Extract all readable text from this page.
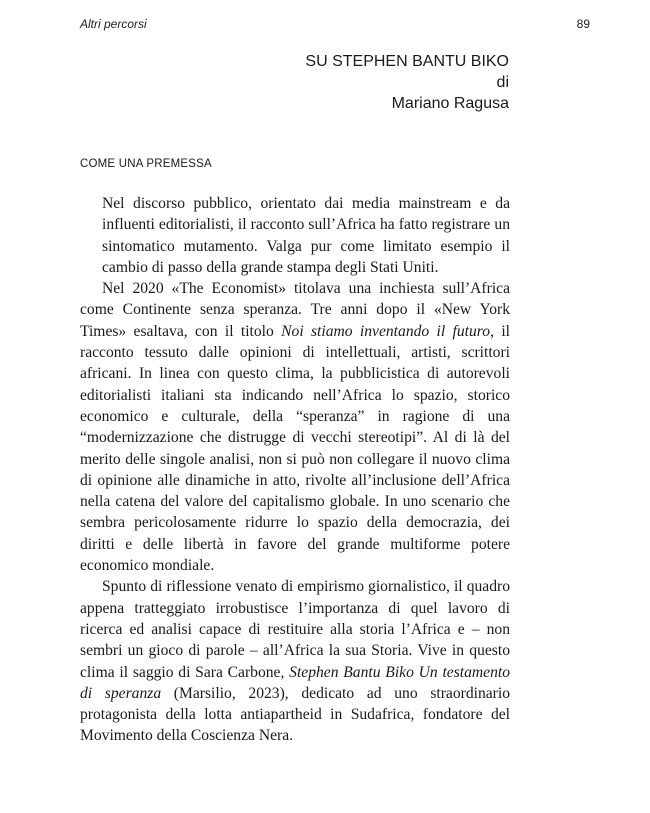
Altri percorsi	89
SU STEPHEN BANTU BIKO
di
Mariano Ragusa
COME UNA PREMESSA

Nel discorso pubblico, orientato dai media mainstream e da influenti editorialisti, il racconto sull’Africa ha fatto registrare un sintomatico mutamento. Valga pur come limitato esempio il cambio di passo della grande stampa degli Stati Uniti.

Nel 2020 «The Economist» titolava una inchiesta sull’Africa come Continente senza speranza. Tre anni dopo il «New York Times» esaltava, con il titolo Noi stiamo inventando il futuro, il racconto tessuto dalle opinioni di intellettuali, artisti, scrittori africani. In linea con questo clima, la pubblicistica di autorevoli editorialisti italiani sta indicando nell’Africa lo spazio, storico economico e culturale, della “speranza” in ragione di una “modernizzazione che distrugge di vecchi stereotipi”. Al di là del merito delle singole analisi, non si può non collegare il nuovo clima di opinione alle dinamiche in atto, rivolte all’inclusione dell’Africa nella catena del valore del capitalismo globale. In uno scenario che sembra pericolosamente ridurre lo spazio della democrazia, dei diritti e delle libertà in favore del grande multiforme potere economico mondiale.

Spunto di riflessione venato di empirismo giornalistico, il quadro appena tratteggiato irrobustisce l’importanza di quel lavoro di ricerca ed analisi capace di restituire alla storia l’Africa e – non sembri un gioco di parole – all’Africa la sua Storia. Vive in questo clima il saggio di Sara Carbone, Stephen Bantu Biko Un testamento di speranza (Marsilio, 2023), dedicato ad uno straordinario protagonista della lotta antiapartheid in Sudafrica, fondatore del Movimento della Coscienza Nera.
